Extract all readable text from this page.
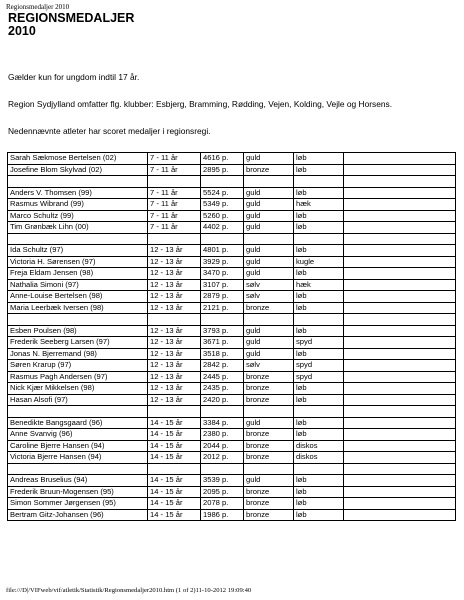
Regionsmedaljer 2010
REGIONSMEDALJER
2010
Gælder kun for ungdom indtil 17 år.
Region Sydjylland omfatter flg. klubber: Esbjerg, Bramming, Rødding, Vejen, Kolding, Vejle og Horsens.
Nedennævnte atleter har scoret medaljer i regionsregi.
Sarah Sækmose Bertelsen (02)	7 - 11 år	4616 p.	guld	løb	
Josefine Blom Skylvad (02)	7 - 11 år	2895 p.	bronze	løb	

Anders V. Thomsen (99)	7 - 11 år	5524 p.	guld	løb	
Rasmus Wibrand (99)	7 - 11 år	5349 p.	guld	hæk	
Marco Schultz (99)	7 - 11 år	5260 p.	guld	løb	
Tim Grønbæk Lihn (00)	7 - 11 år	4402 p.	guld	løb	

Ida Schultz (97)	12 - 13 år	4801 p.	guld	løb	
Victoria H. Sørensen (97)	12 - 13 år	3929 p.	guld	kugle	
Freja Eldam Jensen (98)	12 - 13 år	3470 p.	guld	løb	
Nathalia Simoni (97)	12 - 13 år	3107 p.	sølv	hæk	
Anne-Louise Bertelsen (98)	12 - 13 år	2879 p.	sølv	løb	
Maria Leerbæk Iversen (98)	12 - 13 år	2121 p.	bronze	løb	

Esben Poulsen (98)	12 - 13 år	3793 p.	guld	løb	
Frederik Seeberg Larsen (97)	12 - 13 år	3671 p.	guld	spyd	
Jonas N. Bjerremand (98)	12 - 13 år	3518 p.	guld	løb	
Søren Krarup (97)	12 - 13 år	2842 p.	sølv	spyd	
Rasmus Pagh Andersen (97)	12 - 13 år	2445 p.	bronze	spyd	
Nick Kjær Mikkelsen (98)	12 - 13 år	2435 p.	bronze	løb	
Hasan Alsofi (97)	12 - 13 år	2420 p.	bronze	løb	

Benedikte Bangsgaard (96)	14 - 15 år	3384 p.	guld	løb	
Anne Svanvig (96)	14 - 15 år	2380 p.	bronze	løb	
Caroline Bjerre Hansen (94)	14 - 15 år	2044 p.	bronze	diskos	
Victoria Bjerre Hansen (94)	14 - 15 år	2012 p.	bronze	diskos	

Andreas Bruselius (94)	14 - 15 år	3539 p.	guld	løb	
Frederik Bruun-Mogensen (95)	14 - 15 år	2095 p.	bronze	løb	
Simon Sommer Jørgensen (95)	14 - 15 år	2078 p.	bronze	løb	
Bertram Gitz-Johansen (96)	14 - 15 år	1986 p.	bronze	løb	
file:///D|/VIFweb/vif/atletik/Statistik/Regionsmedaljer2010.htm (1 of 2)11-10-2012 19:09:40
